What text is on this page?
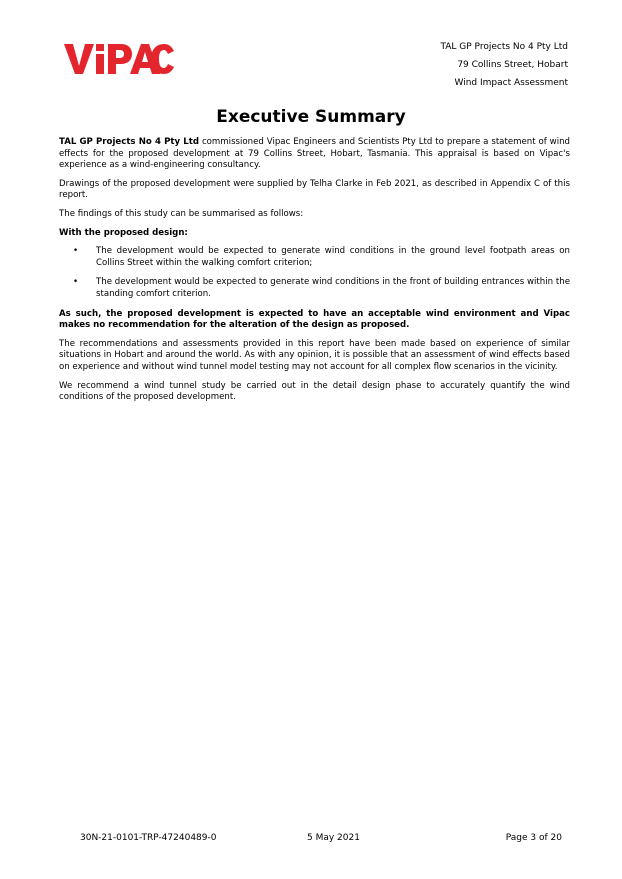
TAL GP Projects No 4 Pty Ltd
79 Collins Street, Hobart
Wind Impact Assessment
Executive Summary

TAL GP Projects No 4 Pty Ltd commissioned Vipac Engineers and Scientists Pty Ltd to prepare a statement of wind effects for the proposed development at 79 Collins Street, Hobart, Tasmania. This appraisal is based on Vipac's experience as a wind-engineering consultancy.

Drawings of the proposed development were supplied by Telha Clarke in Feb 2021, as described in Appendix C of this report.

The findings of this study can be summarised as follows:

With the proposed design:

• The development would be expected to generate wind conditions in the ground level footpath areas on Collins Street within the walking comfort criterion;
• The development would be expected to generate wind conditions in the front of building entrances within the standing comfort criterion.

As such, the proposed development is expected to have an acceptable wind environment and Vipac makes no recommendation for the alteration of the design as proposed.

The recommendations and assessments provided in this report have been made based on experience of similar situations in Hobart and around the world. As with any opinion, it is possible that an assessment of wind effects based on experience and without wind tunnel model testing may not account for all complex flow scenarios in the vicinity.

We recommend a wind tunnel study be carried out in the detail design phase to accurately quantify the wind conditions of the proposed development.

30N-21-0101-TRP-47240489-0	5 May 2021	Page 3 of 20
